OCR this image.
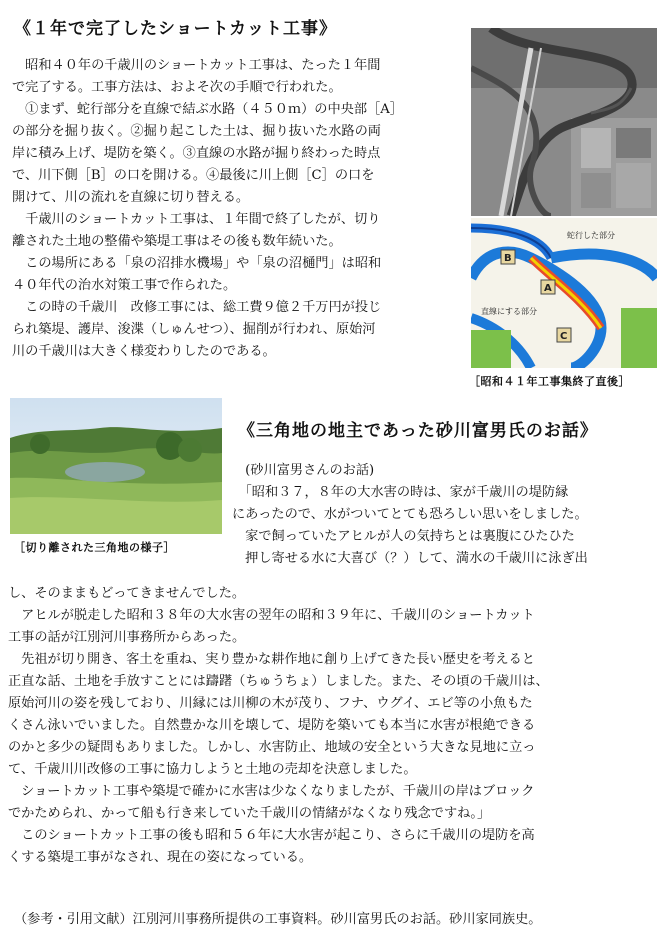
《１年で完了したショートカット工事》
　昭和４０年の千歳川のショートカット工事は、たった１年間
で完了する。工事方法は、およそ次の手順で行われた。
　①まず、蛇行部分を直線で結ぶ水路（４５０ｍ）の中央部［A］
の部分を掘り抜く。②掘り起こした土は、掘り抜いた水路の両
岸に積み上げ、堤防を築く。③直線の水路が掘り終わった時点
で、川下側［B］の口を開ける。④最後に川上側［C］の口を
開けて、川の流れを直線に切り替える。
　千歳川のショートカット工事は、１年間で終了したが、切り
離された土地の整備や築堤工事はその後も数年続いた。
　この場所にある「泉の沼排水機場」や「泉の沼樋門」は昭和
４０年代の治水対策工事で作られた。
　この時の千歳川　改修工事には、総工費９億２千万円が投じ
られ築堤、護岸、浚渫（しゅんせつ）、掘削が行われ、原始河
川の千歳川は大きく様変わりしたのである。
B
A
C
蛇行した部分
直線にする部分
［昭和４１年工事集終了直後］
［切り離された三角地の様子］
《三角地の地主であった砂川富男氏のお話》
　(砂川富男さんのお話)
　「昭和３７，８年の大水害の時は、家が千歳川の堤防縁
にあったので、水がついてとても恐ろしい思いをしました。
　家で飼っていたアヒルが人の気持ちとは裏腹にひたひた
　押し寄せる水に大喜び（？）して、満水の千歳川に泳ぎ出
し、そのままもどってきませんでした。
　アヒルが脱走した昭和３８年の大水害の翌年の昭和３９年に、千歳川のショートカット
工事の話が江別河川事務所からあった。
　先祖が切り開き、客土を重ね、実り豊かな耕作地に創り上げてきた長い歴史を考えると
正直な話、土地を手放すことには躊躇（ちゅうちょ）しました。また、その頃の千歳川は、
原始河川の姿を残しており、川縁には川柳の木が茂り、フナ、ウグイ、エビ等の小魚もた
くさん泳いでいました。自然豊かな川を壊して、堤防を築いても本当に水害が根絶できる
のかと多少の疑問もありました。しかし、水害防止、地域の安全という大きな見地に立っ
て、千歳川川改修の工事に協力しようと土地の売却を決意しました。
　ショートカット工事や築堤で確かに水害は少なくなりましたが、千歳川の岸はブロック
でかためられ、かって船も行き来していた千歳川の情緒がなくなり残念ですね。」
　このショートカット工事の後も昭和５６年に大水害が起こり、さらに千歳川の堤防を高
くする築堤工事がなされ、現在の姿になっている。
（参考・引用文献）江別河川事務所提供の工事資料。砂川富男氏のお話。砂川家同族史。
